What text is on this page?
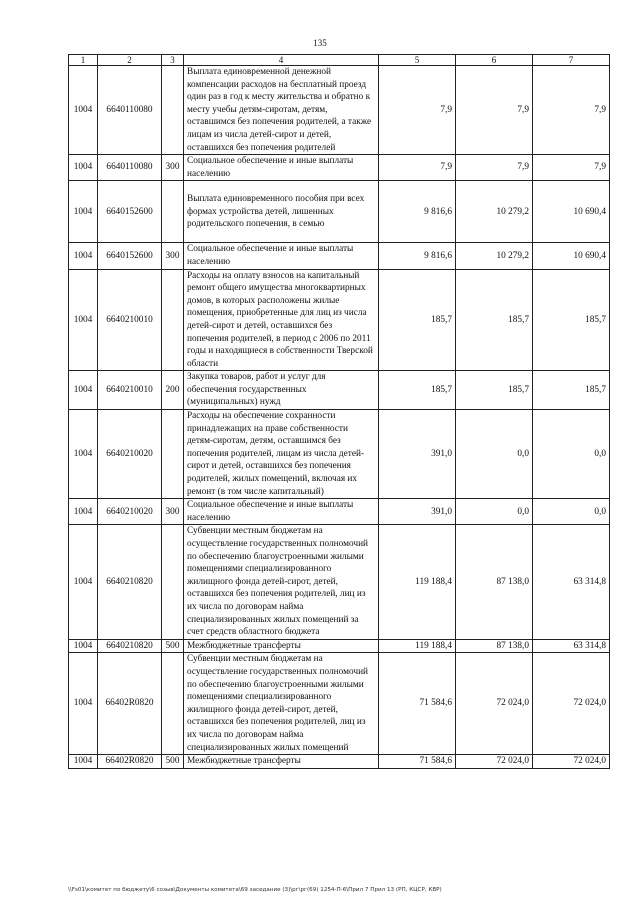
135
1	2	3	4	5	6	7
1004	6640110080		Выплата единовременной денежной компенсации расходов на бесплатный проезд один раз в год к месту жительства и обратно к месту учебы детям-сиротам, детям, оставшимся без попечения родителей, а также лицам из числа детей-сирот и детей, оставшихся без попечения родителей	7,9	7,9	7,9
1004	6640110080	300	Социальное обеспечение и иные выплаты населению	7,9	7,9	7,9
1004	6640152600		Выплата единовременного пособия при всех формах устройства детей, лишенных родительского попечения, в семью	9 816,6	10 279,2	10 690,4
1004	6640152600	300	Социальное обеспечение и иные выплаты населению	9 816,6	10 279,2	10 690,4
1004	6640210010		Расходы на оплату взносов на капитальный ремонт общего имущества многоквартирных домов, в которых расположены жилые помещения, приобретенные для лиц из числа детей-сирот и детей, оставшихся без попечения родителей, в период с 2006 по 2011 годы и находящиеся в собственности Тверской области	185,7	185,7	185,7
1004	6640210010	200	Закупка товаров, работ и услуг для обеспечения государственных (муниципальных) нужд	185,7	185,7	185,7
1004	6640210020		Расходы на обеспечение сохранности принадлежащих на праве собственности детям-сиротам, детям, оставшимся без попечения родителей, лицам из числа детей-сирот и детей, оставшихся без попечения родителей, жилых помещений, включая их ремонт (в том числе капитальный)	391,0	0,0	0,0
1004	6640210020	300	Социальное обеспечение и иные выплаты населению	391,0	0,0	0,0
1004	6640210820		Субвенции местным бюджетам на осуществление государственных полномочий по обеспечению благоустроенными жилыми помещениями специализированного жилищного фонда детей-сирот, детей, оставшихся без попечения родителей, лиц из их числа по договорам найма специализированных жилых помещений за счет средств областного бюджета	119 188,4	87 138,0	63 314,8
1004	6640210820	500	Межбюджетные трансферты	119 188,4	87 138,0	63 314,8
1004	66402R0820		Субвенции местным бюджетам на осуществление государственных полномочий по обеспечению благоустроенными жилыми помещениями специализированного жилищного фонда детей-сирот, детей, оставшихся без попечения родителей, лиц из их числа по договорам найма специализированных жилых помещений	71 584,6	72 024,0	72 024,0
1004	66402R0820	500	Межбюджетные трансферты	71 584,6	72 024,0	72 024,0
\\Fs01\комитет по бюджету\6 созыв\Документы комитета\69 заседание (3)\рг\рг(69) 1254-П-6\Прил 7 Прил 13 (РП, КЦСР, КВР)
